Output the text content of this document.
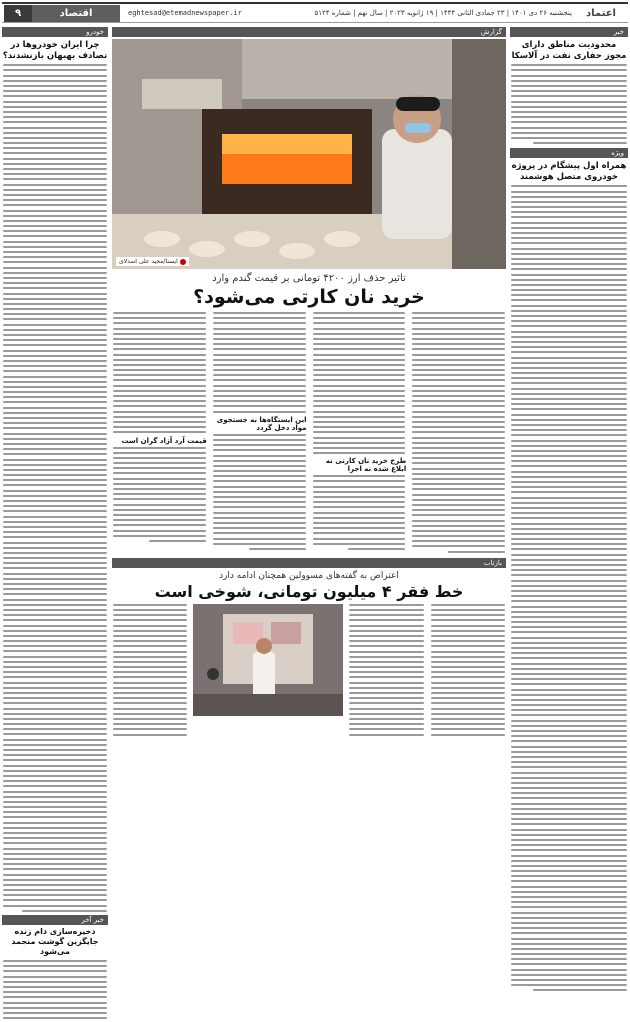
اعتماد
پنجشنبه ۲۶ دی ۱۴۰۱ | ۲۳ جمادی الثانی ۱۴۴۴ | ۱۹ ژانویه ۲۰۲۳ | سال نهم | شماره ۵۱۲۴
eghtesad@etemadnewspaper.ir
اقتصاد
۹
خبر
محدودیت مناطق دارای مجوز حفاری نفت در آلاسکا
ویژه
همراه اول پیشگام در پروژه خودروی متصل هوشمند
خودرو
چرا ایران‌ خودروها در تصادف بهبهان بازنشدند؟
خبر آخر
دخیره‌سازی دام زنده جایگزین گوشت منجمد می‌شود
گزارش
ایسنا/مجید علی اسدلای
تاثیر حذف ارز ۴۲۰۰ تومانی بر قیمت گندم وارد
خرید نان کارتی می‌شود؟
طرح خرید نان کارتی نه ابلاغ شده نه اجرا
این ایستگاه‌ها به جستجوی مواد دخل گردد
قیمت آرد آزاد گران است
بازتاب
اعتراض به گفته‌های مسوولین همچنان ادامه دارد
خط فقر ۴ میلیون تومانی، شوخی است
